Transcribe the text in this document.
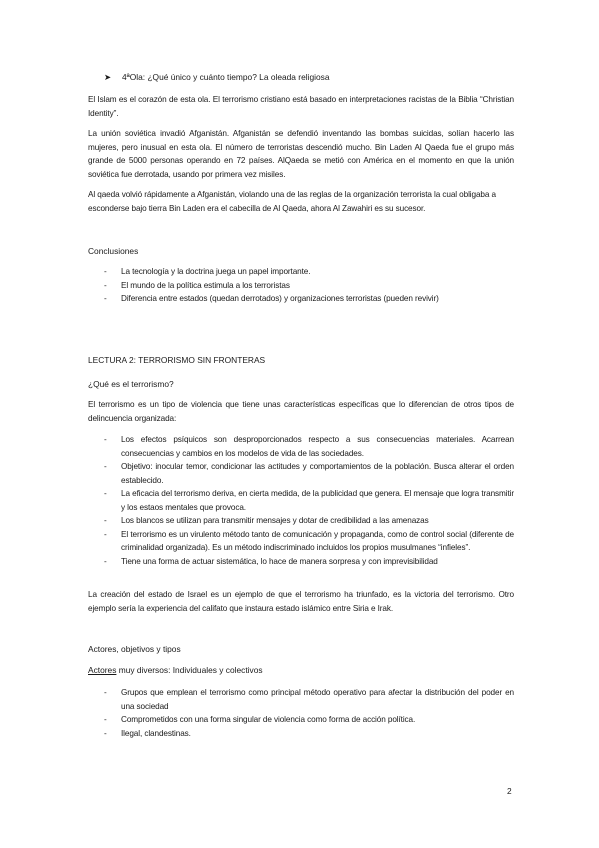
➤ 4ªOla: ¿Qué único y cuánto tiempo? La oleada religiosa
El Islam es el corazón de esta ola. El terrorismo cristiano está basado en interpretaciones racistas de la Biblia “Christian Identity”.
La unión soviética invadió Afganistán. Afganistán se defendió inventando las bombas suicidas, solían hacerlo las mujeres, pero inusual en esta ola. El número de terroristas descendió mucho. Bin Laden Al Qaeda fue el grupo más grande de 5000 personas operando en 72 países. AlQaeda se metió con América en el momento en que la unión soviética fue derrotada, usando por primera vez misiles.
Al qaeda volvió rápidamente a Afganistán, violando una de las reglas de la organización terrorista la cual obligaba a esconderse bajo tierra Bin Laden era el cabecilla de Al Qaeda, ahora Al Zawahiri es su sucesor.
Conclusiones
- La tecnología y la doctrina juega un papel importante.
- El mundo de la política estimula a los terroristas
- Diferencia entre estados (quedan derrotados) y organizaciones terroristas (pueden revivir)
LECTURA 2: TERRORISMO SIN FRONTERAS
¿Qué es el terrorismo?
El terrorismo es un tipo de violencia que tiene unas características específicas que lo diferencian de otros tipos de delincuencia organizada:
- Los efectos psíquicos son desproporcionados respecto a sus consecuencias materiales. Acarrean consecuencias y cambios en los modelos de vida de las sociedades.
- Objetivo: inocular temor, condicionar las actitudes y comportamientos de la población. Busca alterar el orden establecido.
- La eficacia del terrorismo deriva, en cierta medida, de la publicidad que genera. El mensaje que logra transmitir y los estaos mentales que provoca.
- Los blancos se utilizan para transmitir mensajes y dotar de credibilidad a las amenazas
- El terrorismo es un virulento método tanto de comunicación y propaganda, como de control social (diferente de criminalidad organizada). Es un método indiscriminado incluidos los propios musulmanes “infieles”.
- Tiene una forma de actuar sistemática, lo hace de manera sorpresa y con imprevisibilidad
La creación del estado de Israel es un ejemplo de que el terrorismo ha triunfado, es la victoria del terrorismo. Otro ejemplo sería la experiencia del califato que instaura estado islámico entre Siria e Irak.
Actores, objetivos y tipos
Actores muy diversos: Individuales y colectivos
- Grupos que emplean el terrorismo como principal método operativo para afectar la distribución del poder en una sociedad
- Comprometidos con una forma singular de violencia como forma de acción política.
- Ilegal, clandestinas.
2
